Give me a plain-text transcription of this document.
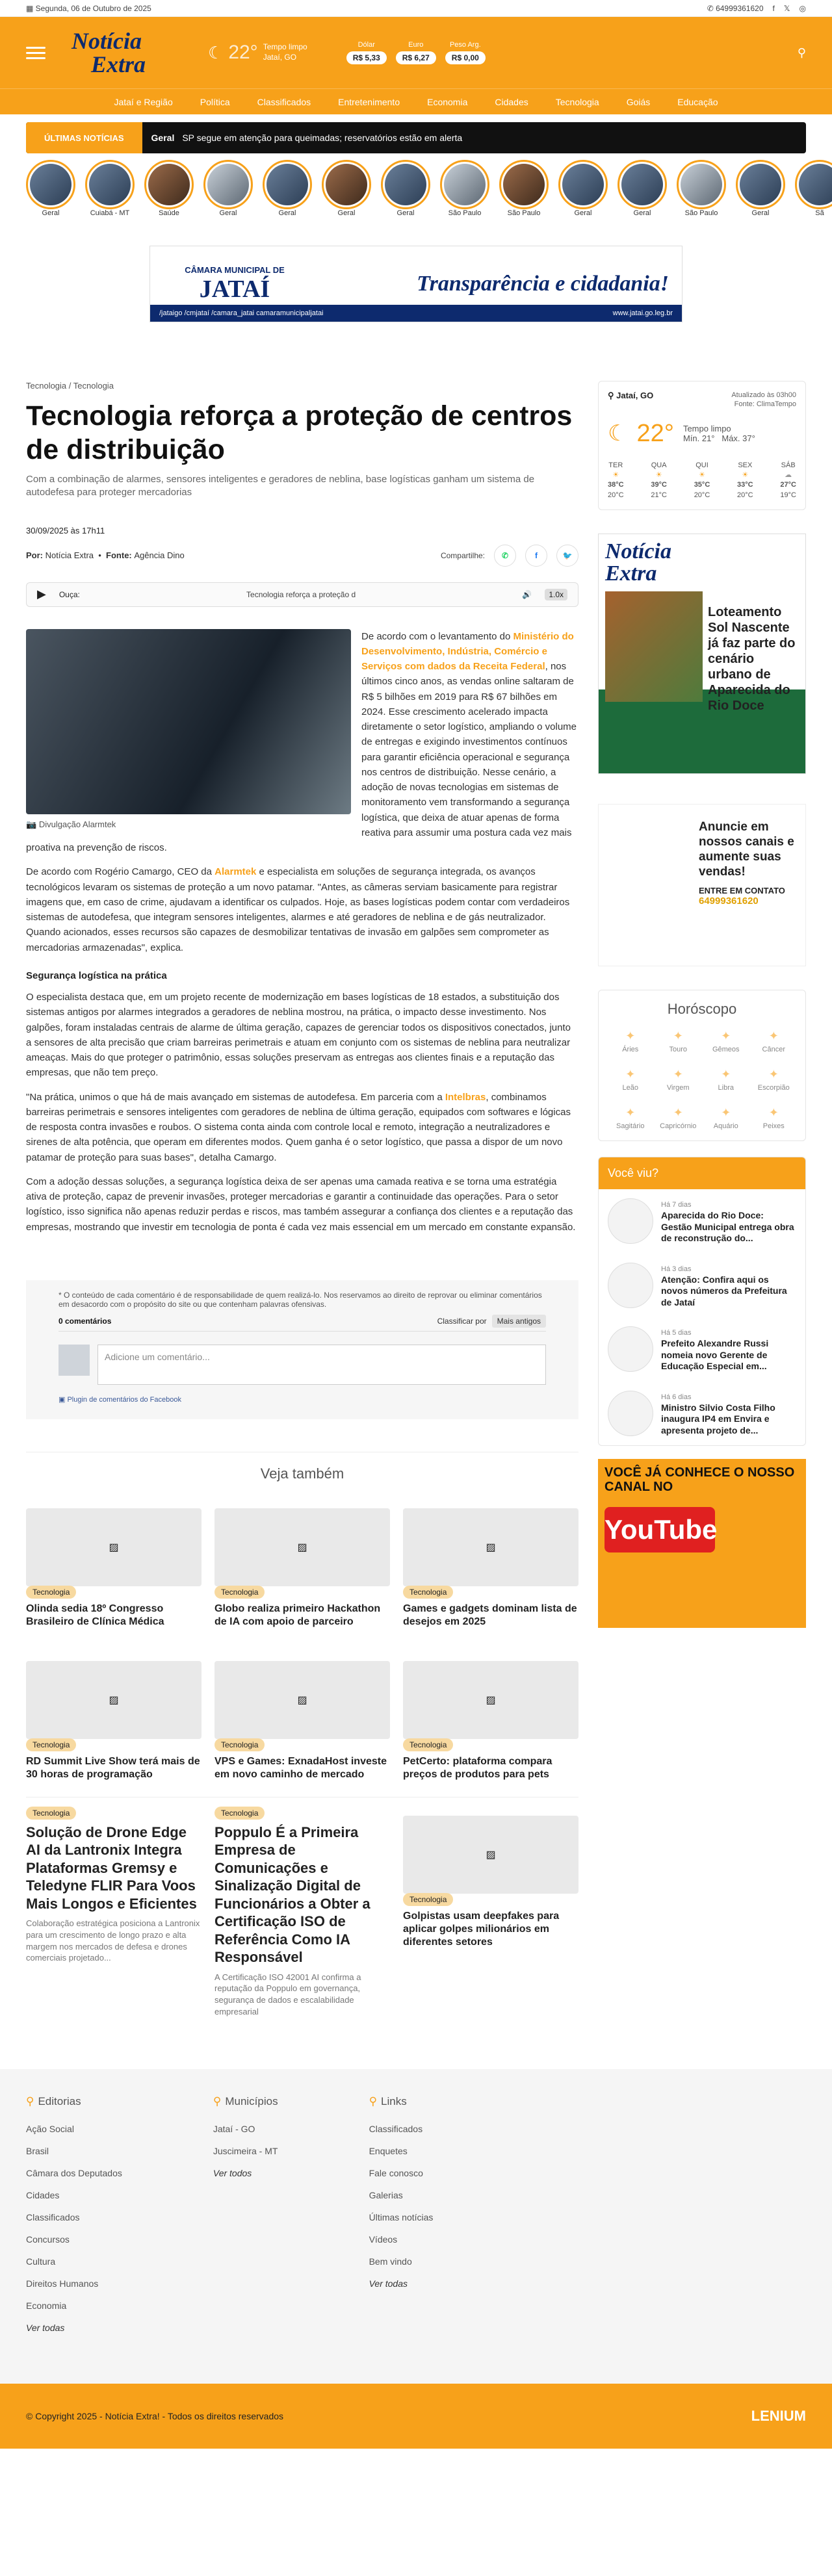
▦ Segunda, 06 de Outubro de 2025	✆ 64999361620 f 𝕏 ◎
Notícia
Extra	☾ 22° Tempo limpo
Jataí, GO
Dólar
R$ 5,33
Euro
R$ 6,27
Peso Arg.
R$ 0,00	⚲
Jataí e Região	Política	Classificados	Entretenimento	Economia	Cidades	Tecnologia	Goiás	Educação
ÚLTIMAS NOTÍCIAS	Geral SP segue em atenção para queimadas; reservatórios estão em alerta
Geral	Cuiabá - MT	Saúde	Geral	Geral	Geral	Geral	São Paulo	São Paulo	Geral	Geral	São Paulo	Geral	Sã
CÂMARA MUNICIPAL DE
JATAÍ	Transparência e cidadania!
/jataigo /cmjataí /camara_jatai camaramunicipaljatai	www.jatai.go.leg.br
Tecnologia / Tecnologia
Tecnologia reforça a proteção de centros de distribuição
Com a combinação de alarmes, sensores inteligentes e geradores de neblina, base logísticas ganham um sistema de autodefesa para proteger mercadorias
30/09/2025 às 17h11
Por:
Notícia Extra • Fonte:
Agência Dino	Compartilhe:	✆	f	🐦
▶ Ouça:	Tecnologia reforça a proteção d	🔊	1.0x
📷 Divulgação Alarmtek

De acordo com o levantamento do Ministério do Desenvolvimento, Indústria, Comércio e Serviços com dados da Receita Federal, nos últimos cinco anos, as vendas online saltaram de R$ 5 bilhões em 2019 para R$ 67 bilhões em 2024. Esse crescimento acelerado impacta diretamente o setor logístico, ampliando o volume de entregas e exigindo investimentos contínuos para garantir eficiência operacional e segurança nos centros de distribuição. Nesse cenário, a adoção de novas tecnologias em sistemas de monitoramento vem transformando a segurança logística, que deixa de atuar apenas de forma reativa para assumir uma postura cada vez mais proativa na prevenção de riscos.

De acordo com Rogério Camargo, CEO da Alarmtek e especialista em soluções de segurança integrada, os avanços tecnológicos levaram os sistemas de proteção a um novo patamar. "Antes, as câmeras serviam basicamente para registrar imagens que, em caso de crime, ajudavam a identificar os culpados. Hoje, as bases logísticas podem contar com verdadeiros sistemas de autodefesa, que integram sensores inteligentes, alarmes e até geradores de neblina e de gás neutralizador. Quando acionados, esses recursos são capazes de desmobilizar tentativas de invasão em galpões sem comprometer as mercadorias armazenadas", explica.

Segurança logística na prática

O especialista destaca que, em um projeto recente de modernização em bases logísticas de 18 estados, a substituição dos sistemas antigos por alarmes integrados a geradores de neblina mostrou, na prática, o impacto desse investimento. Nos galpões, foram instaladas centrais de alarme de última geração, capazes de gerenciar todos os dispositivos conectados, junto a sensores de alta precisão que criam barreiras perimetrais e atuam em conjunto com os sistemas de neblina para neutralizar ameaças. Mais do que proteger o patrimônio, essas soluções preservam as entregas aos clientes finais e a reputação das empresas, que não tem preço.

"Na prática, unimos o que há de mais avançado em sistemas de autodefesa. Em parceria com a Intelbras, combinamos barreiras perimetrais e sensores inteligentes com geradores de neblina de última geração, equipados com softwares e lógicas de resposta contra invasões e roubos. O sistema conta ainda com controle local e remoto, integração a neutralizadores e sirenes de alta potência, que operam em diferentes modos. Quem ganha é o setor logístico, que passa a dispor de um novo patamar de proteção para suas bases", detalha Camargo.

Com a adoção dessas soluções, a segurança logística deixa de ser apenas uma camada reativa e se torna uma estratégia ativa de proteção, capaz de prevenir invasões, proteger mercadorias e garantir a continuidade das operações. Para o setor logístico, isso significa não apenas reduzir perdas e riscos, mas também assegurar a confiança dos clientes e a reputação das empresas, mostrando que investir em tecnologia de ponta é cada vez mais essencial em um mercado em constante expansão.

* O conteúdo de cada comentário é de responsabilidade de quem realizá-lo. Nos reservamos ao direito de reprovar ou eliminar comentários em desacordo com o propósito do site ou que contenham palavras ofensivas.
0 comentários	Classificar por Mais antigos
Adicione um comentário...
▣ Plugin de comentários do Facebook
Veja também
▨
Tecnologia
Olinda sedia 18º Congresso Brasileiro de Clínica Médica
▨
Tecnologia
Globo realiza primeiro Hackathon de IA com apoio de parceiro
▨
Tecnologia
Games e gadgets dominam lista de desejos em 2025
▨
Tecnologia
RD Summit Live Show terá mais de 30 horas de programação
▨
Tecnologia
VPS e Games: ExnadaHost investe em novo caminho de mercado
▨
Tecnologia
PetCerto: plataforma compara preços de produtos para pets
Tecnologia
Solução de Drone Edge AI da Lantronix Integra Plataformas Gremsy e Teledyne FLIR Para Voos Mais Longos e Eficientes
Colaboração estratégica posiciona a Lantronix para um crescimento de longo prazo e alta margem nos mercados de defesa e drones comerciais projetado...
Tecnologia
Poppulo É a Primeira Empresa de Comunicações e Sinalização Digital de Funcionários a Obter a Certificação ISO de Referência Como IA Responsável
A Certificação ISO 42001 AI confirma a reputação da Poppulo em governança, segurança de dados e escalabilidade empresarial
▨
Tecnologia
Golpistas usam deepfakes para aplicar golpes milionários em diferentes setores
⚲ Jataí, GO	Atualizado às 03h00
Fonte: ClimaTempo
☾ 22° Tempo limpo
Mín. 21° Máx. 37°
TER
☀
38°C
20°C
QUA
☀
39°C
21°C
QUI
☀
35°C
20°C
SEX
☀
33°C
20°C
SÁB
☁
27°C
19°C
Notícia
Extra
Loteamento Sol Nascente já faz parte do cenário urbano de Aparecida do Rio Doce
Anuncie em nossos canais e aumente suas vendas!
ENTRE EM CONTATO
64999361620
Horóscopo
✦ Áries	✦ Touro	✦ Gêmeos	✦ Câncer
✦ Leão	✦ Virgem	✦ Libra	✦ Escorpião
✦ Sagitário	✦ Capricórnio	✦ Aquário	✦ Peixes
Você viu?
Há 7 dias
Aparecida do Rio Doce: Gestão Municipal entrega obra de reconstrução do...
Há 3 dias
Atenção: Confira aqui os novos números da Prefeitura de Jataí
Há 5 dias
Prefeito Alexandre Russi nomeia novo Gerente de Educação Especial em...
Há 6 dias
Ministro Silvio Costa Filho inaugura IP4 em Envira e apresenta projeto de...
VOCÊ JÁ CONHECE O NOSSO CANAL NO
YouTube
⚲ Editorias
Ação Social
Brasil
Câmara dos Deputados
Cidades
Classificados
Concursos
Cultura
Direitos Humanos
Economia
Ver todas
⚲ Municípios
Jataí - GO
Juscimeira - MT
Ver todos
⚲ Links
Classificados
Enquetes
Fale conosco
Galerias
Últimas notícias
Vídeos
Bem vindo
Ver todas
© Copyright 2025 - Notícia Extra! - Todos os direitos reservados	LENIUM
